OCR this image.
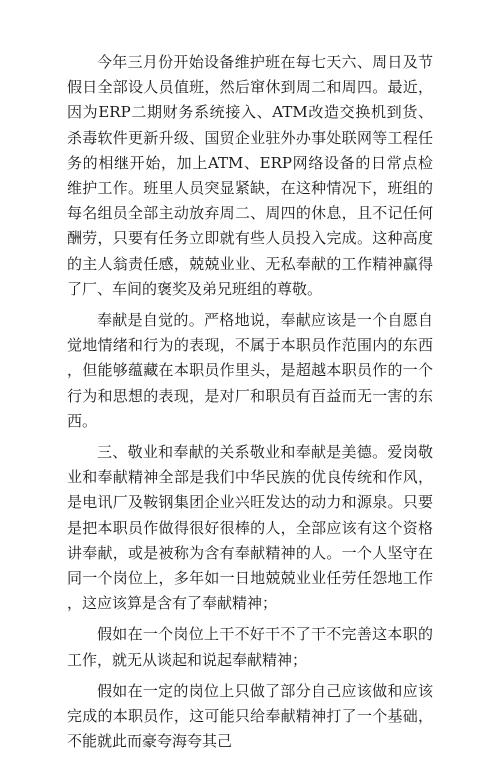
今年三月份开始设备维护班在每七天六、周日及节假日全部设人员值班，然后窜休到周二和周四。最近，因为ERP二期财务系统接入、ATM改造交换机到货、杀毒软件更新升级、国贸企业驻外办事处联网等工程任务的相继开始，加上ATM、ERP网络设备的日常点检维护工作。班里人员突显紧缺，在这种情况下，班组的每名组员全部主动放弃周二、周四的休息，且不记任何酬劳，只要有任务立即就有些人员投入完成。这种高度的主人翁责任感，兢兢业业、无私奉献的工作精神赢得了厂、车间的褒奖及弟兄班组的尊敬。

奉献是自觉的。严格地说，奉献应该是一个自愿自觉地情绪和行为的表现，不属于本职员作范围内的东西，但能够蕴藏在本职员作里头，是超越本职员作的一个行为和思想的表现，是对厂和职员有百益而无一害的东西。

三、敬业和奉献的关系敬业和奉献是美德。爱岗敬业和奉献精神全部是我们中华民族的优良传统和作风，是电讯厂及鞍钢集团企业兴旺发达的动力和源泉。只要是把本职员作做得很好很棒的人，全部应该有这个资格讲奉献，或是被称为含有奉献精神的人。一个人坚守在同一个岗位上，多年如一日地兢兢业业任劳任怨地工作，这应该算是含有了奉献精神；

假如在一个岗位上干不好干不了干不完善这本职的工作，就无从谈起和说起奉献精神；

假如在一定的岗位上只做了部分自己应该做和应该完成的本职员作，这可能只给奉献精神打了一个基础，不能就此而豪夸海夸其己
